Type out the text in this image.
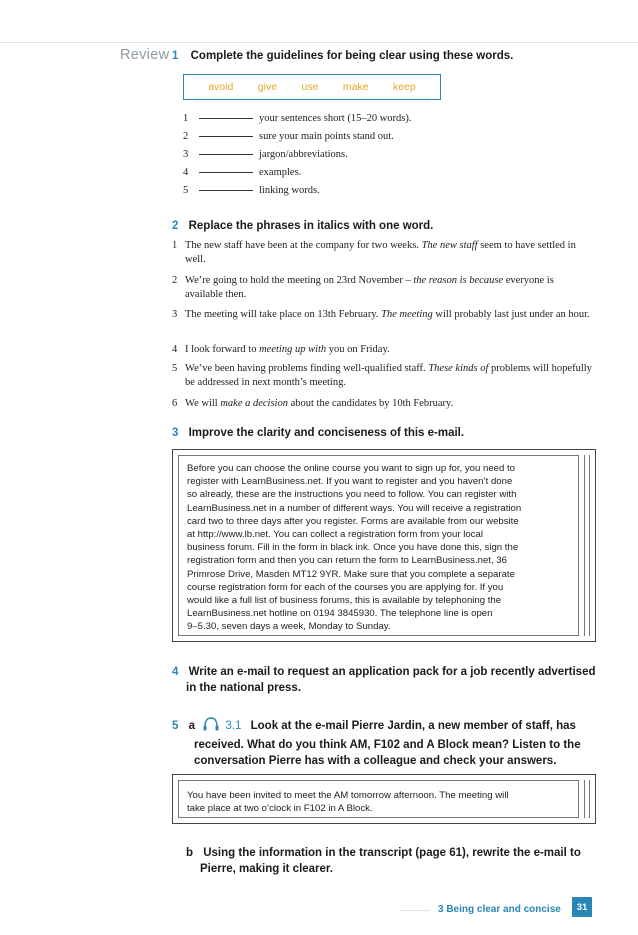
Review 1 Complete the guidelines for being clear using these words.
avoid give use make keep
1	your sentences short (15–20 words).
2	sure your main points stand out.
3	jargon/abbreviations.
4	examples.
5	linking words.
2 Replace the phrases in italics with one word.
1 The new staff have been at the company for two weeks. The new staff seem to have settled in well.
2 We’re going to hold the meeting on 23rd November – the reason is because everyone is available then.
3 The meeting will take place on 13th February. The meeting will probably last just under an hour.
4 I look forward to meeting up with you on Friday.
5 We’ve been having problems finding well-qualified staff. These kinds of problems will hopefully be addressed in next month’s meeting.
6 We will make a decision about the candidates by 10th February.
3 Improve the clarity and conciseness of this e-mail.
Before you can choose the online course you want to sign up for, you need to
register with LearnBusiness.net. If you want to register and you haven’t done
so already, these are the instructions you need to follow. You can register with
LearnBusiness.net in a number of different ways. You will receive a registration
card two to three days after you register. Forms are available from our website
at http://www.lb.net. You can collect a registration form from your local
business forum. Fill in the form in black ink. Once you have done this, sign the
registration form and then you can return the form to LearnBusiness.net, 36
Primrose Drive, Masden MT12 9YR. Make sure that you complete a separate
course registration form for each of the courses you are applying for. If you
would like a full list of business forums, this is available by telephoning the
LearnBusiness.net hotline on 0194 3845930. The telephone line is open
9–5.30, seven days a week, Monday to Sunday.
4 Write an e-mail to request an application pack for a job recently advertised
in the national press.
5 a	3.1 Look at the e-mail Pierre Jardin, a new member of staff, has
received. What do you think AM, F102 and A Block mean? Listen to the
conversation Pierre has with a colleague and check your answers.
You have been invited to meet the AM tomorrow afternoon. The meeting will
take place at two o’clock in F102 in A Block.
b Using the information in the transcript (page 61), rewrite the e-mail to
Pierre, making it clearer.
3 Being clear and concise	31
